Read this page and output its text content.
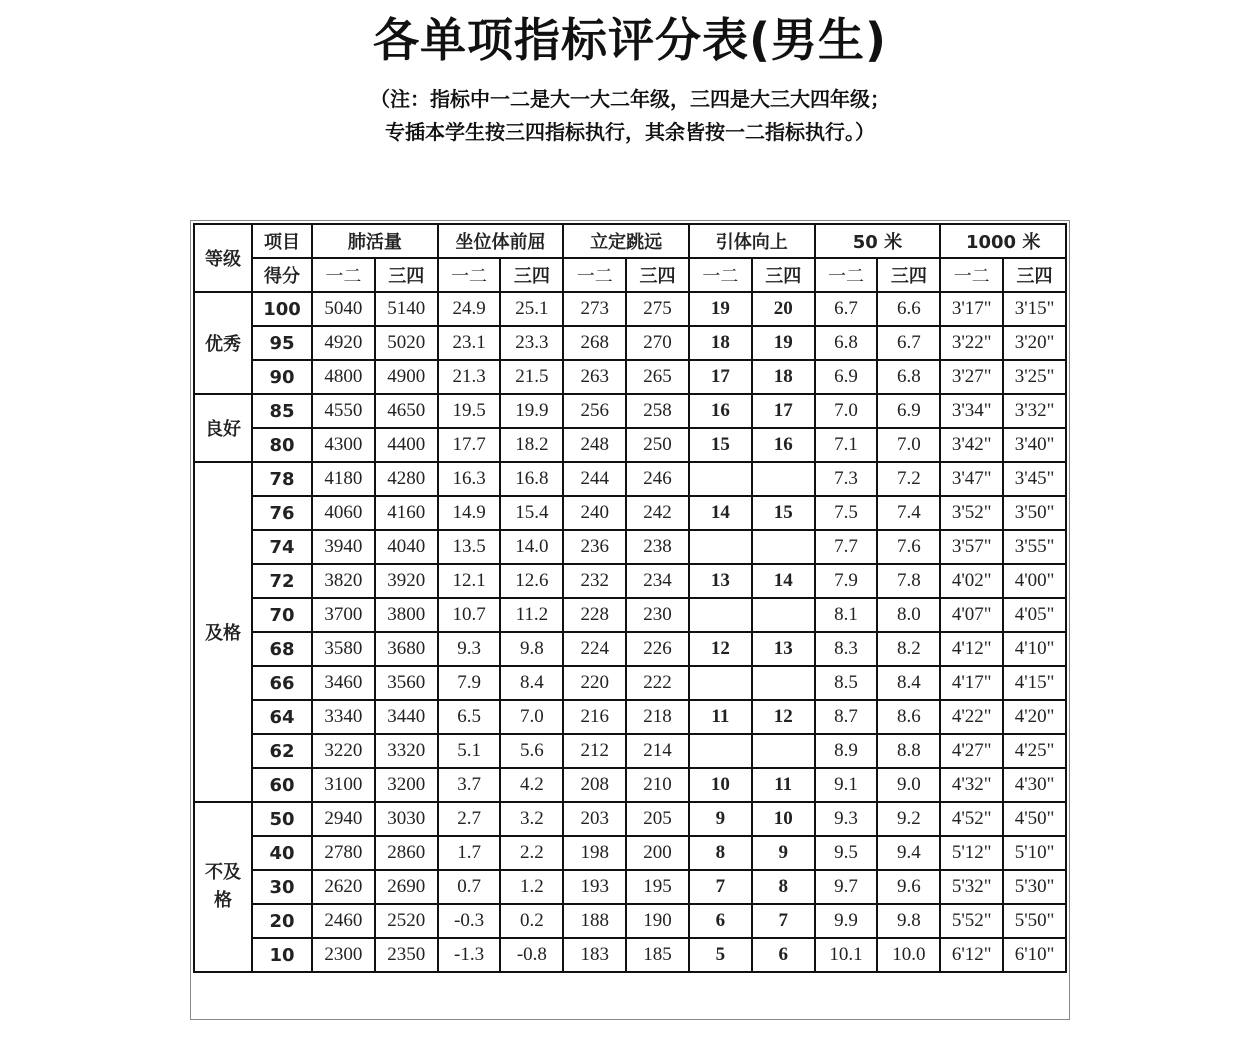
各单项指标评分表(男生)
（注：指标中一二是大一大二年级，三四是大三大四年级；
专插本学生按三四指标执行，其余皆按一二指标执行。）
等级	项目	肺活量		坐位体前屈		立定跳远		引体向上		50 米		1000 米	
	得分	一二	三四	一二	三四	一二	三四	一二	三四	一二	三四	一二	三四
优秀	100	5040	5140	24.9	25.1	273	275	19	20	6.7	6.6	3'17"	3'15"
	95	4920	5020	23.1	23.3	268	270	18	19	6.8	6.7	3'22"	3'20"
	90	4800	4900	21.3	21.5	263	265	17	18	6.9	6.8	3'27"	3'25"
良好	85	4550	4650	19.5	19.9	256	258	16	17	7.0	6.9	3'34"	3'32"
	80	4300	4400	17.7	18.2	248	250	15	16	7.1	7.0	3'42"	3'40"
及格	78	4180	4280	16.3	16.8	244	246			7.3	7.2	3'47"	3'45"
	76	4060	4160	14.9	15.4	240	242	14	15	7.5	7.4	3'52"	3'50"
	74	3940	4040	13.5	14.0	236	238			7.7	7.6	3'57"	3'55"
	72	3820	3920	12.1	12.6	232	234	13	14	7.9	7.8	4'02"	4'00"
	70	3700	3800	10.7	11.2	228	230			8.1	8.0	4'07"	4'05"
	68	3580	3680	9.3	9.8	224	226	12	13	8.3	8.2	4'12"	4'10"
	66	3460	3560	7.9	8.4	220	222			8.5	8.4	4'17"	4'15"
	64	3340	3440	6.5	7.0	216	218	11	12	8.7	8.6	4'22"	4'20"
	62	3220	3320	5.1	5.6	212	214			8.9	8.8	4'27"	4'25"
	60	3100	3200	3.7	4.2	208	210	10	11	9.1	9.0	4'32"	4'30"
不及格	50	2940	3030	2.7	3.2	203	205	9	10	9.3	9.2	4'52"	4'50"
	40	2780	2860	1.7	2.2	198	200	8	9	9.5	9.4	5'12"	5'10"
	30	2620	2690	0.7	1.2	193	195	7	8	9.7	9.6	5'32"	5'30"
	20	2460	2520	-0.3	0.2	188	190	6	7	9.9	9.8	5'52"	5'50"
	10	2300	2350	-1.3	-0.8	183	185	5	6	10.1	10.0	6'12"	6'10"
